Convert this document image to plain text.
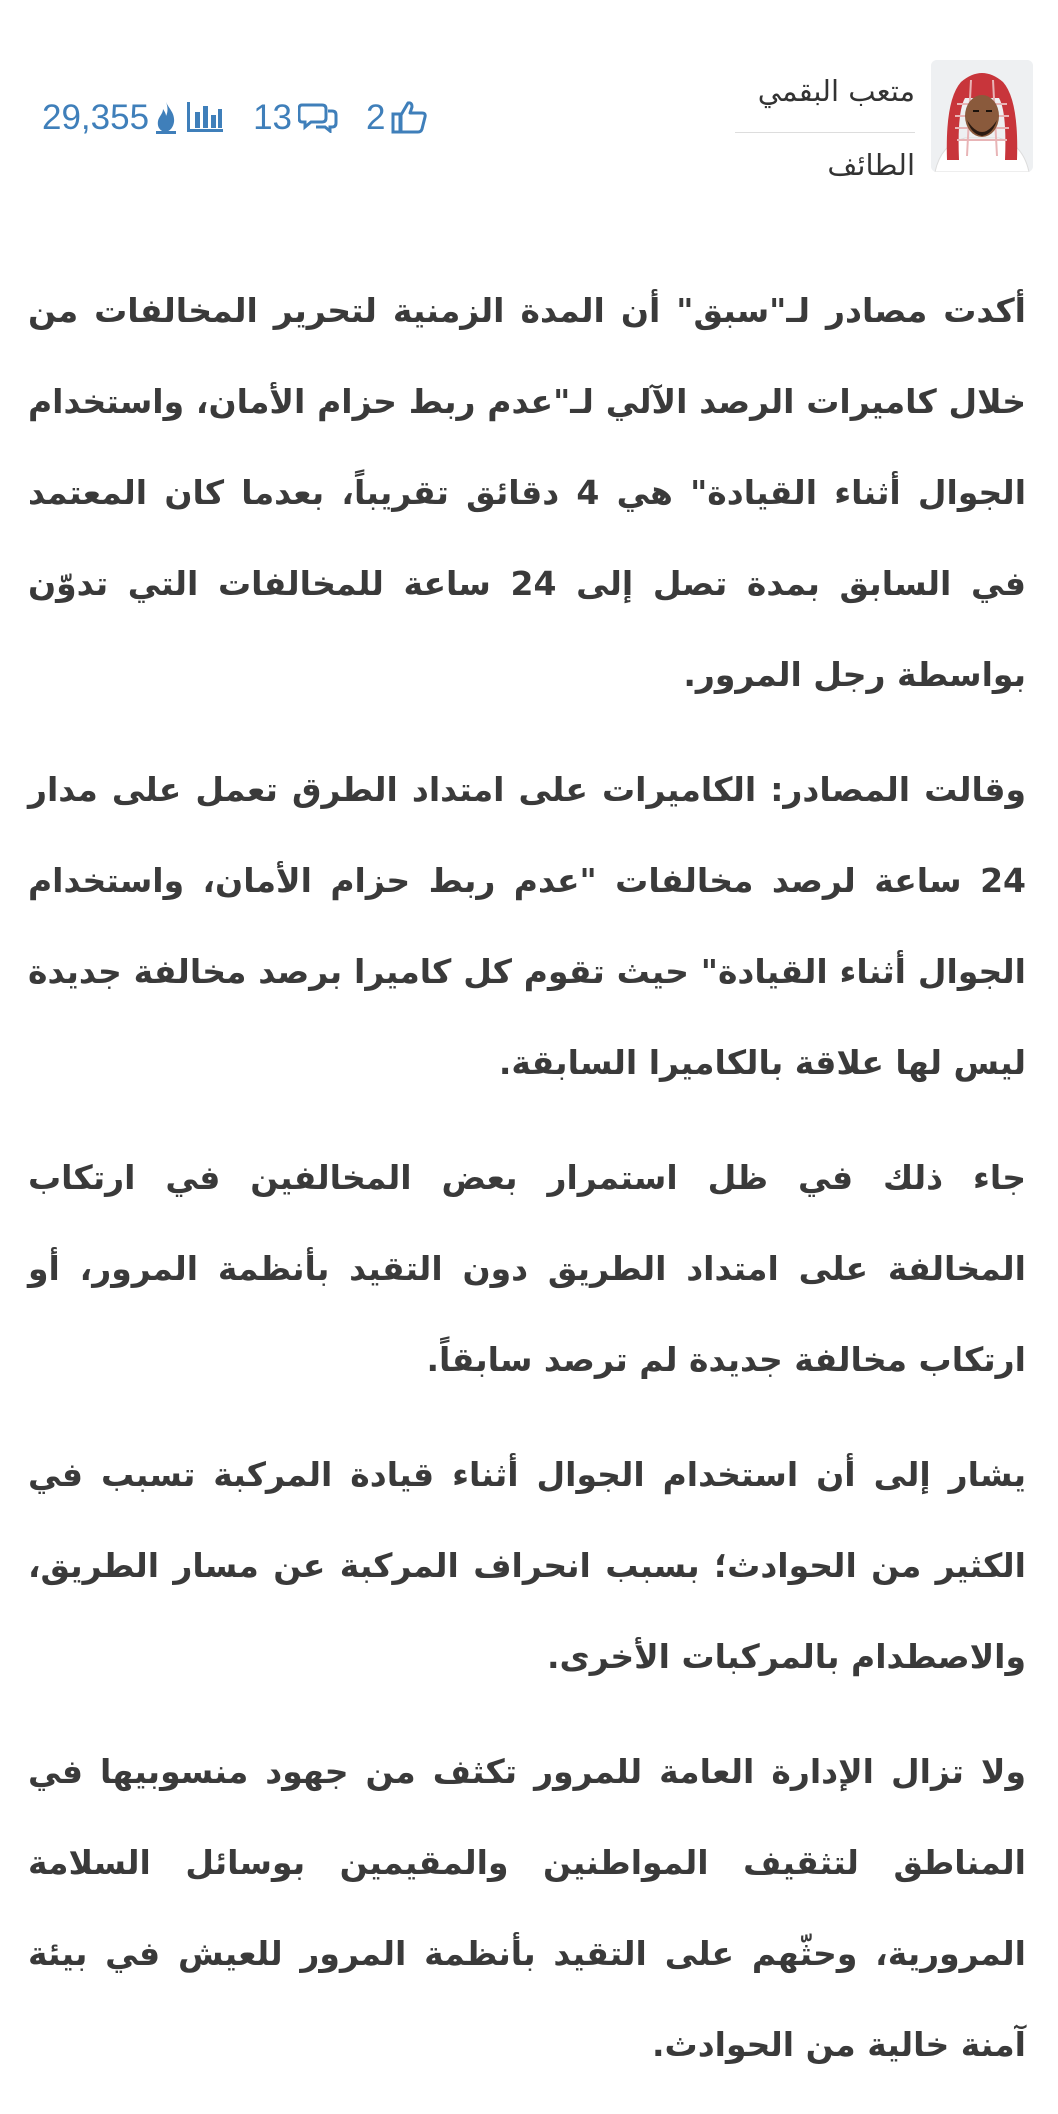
29,355	13 2
متعب البقمي
الطائف

أكدت مصادر لـ"سبق" أن المدة الزمنية لتحرير المخالفات من خلال كاميرات الرصد الآلي لـ"عدم ربط حزام الأمان، واستخدام الجوال أثناء القيادة" هي 4 دقائق تقريباً، بعدما كان المعتمد في السابق بمدة تصل إلى 24 ساعة للمخالفات التي تدوّن بواسطة رجل المرور.

وقالت المصادر: الكاميرات على امتداد الطرق تعمل على مدار 24 ساعة لرصد مخالفات "عدم ربط حزام الأمان، واستخدام الجوال أثناء القيادة" حيث تقوم كل كاميرا برصد مخالفة جديدة ليس لها علاقة بالكاميرا السابقة.

جاء ذلك في ظل استمرار بعض المخالفين في ارتكاب المخالفة على امتداد الطريق دون التقيد بأنظمة المرور، أو ارتكاب مخالفة جديدة لم ترصد سابقاً.

يشار إلى أن استخدام الجوال أثناء قيادة المركبة تسبب في الكثير من الحوادث؛ بسبب انحراف المركبة عن مسار الطريق، والاصطدام بالمركبات الأخرى.

ولا تزال الإدارة العامة للمرور تكثف من جهود منسوبيها في المناطق لتثقيف المواطنين والمقيمين بوسائل السلامة المرورية، وحثّهم على التقيد بأنظمة المرور للعيش في بيئة آمنة خالية من الحوادث.
